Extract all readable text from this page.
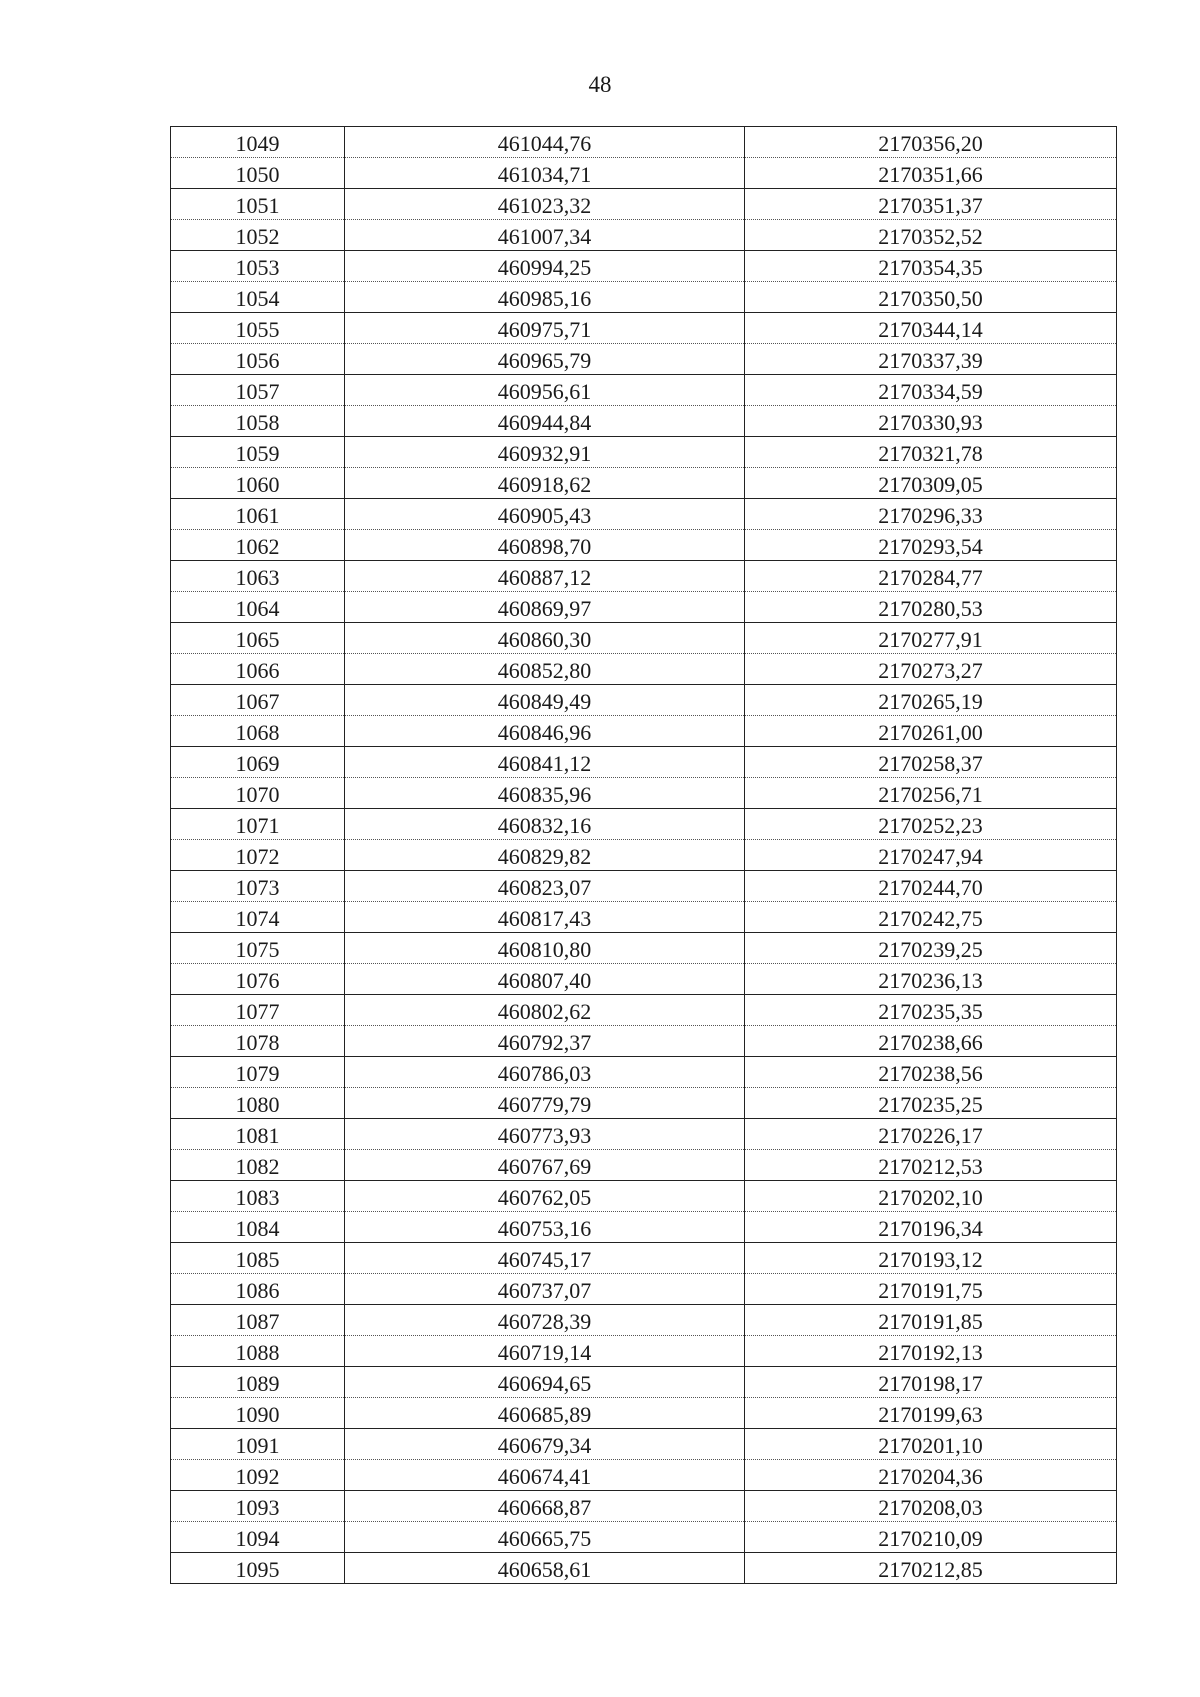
48
1049	461044,76	2170356,20
1050	461034,71	2170351,66
1051	461023,32	2170351,37
1052	461007,34	2170352,52
1053	460994,25	2170354,35
1054	460985,16	2170350,50
1055	460975,71	2170344,14
1056	460965,79	2170337,39
1057	460956,61	2170334,59
1058	460944,84	2170330,93
1059	460932,91	2170321,78
1060	460918,62	2170309,05
1061	460905,43	2170296,33
1062	460898,70	2170293,54
1063	460887,12	2170284,77
1064	460869,97	2170280,53
1065	460860,30	2170277,91
1066	460852,80	2170273,27
1067	460849,49	2170265,19
1068	460846,96	2170261,00
1069	460841,12	2170258,37
1070	460835,96	2170256,71
1071	460832,16	2170252,23
1072	460829,82	2170247,94
1073	460823,07	2170244,70
1074	460817,43	2170242,75
1075	460810,80	2170239,25
1076	460807,40	2170236,13
1077	460802,62	2170235,35
1078	460792,37	2170238,66
1079	460786,03	2170238,56
1080	460779,79	2170235,25
1081	460773,93	2170226,17
1082	460767,69	2170212,53
1083	460762,05	2170202,10
1084	460753,16	2170196,34
1085	460745,17	2170193,12
1086	460737,07	2170191,75
1087	460728,39	2170191,85
1088	460719,14	2170192,13
1089	460694,65	2170198,17
1090	460685,89	2170199,63
1091	460679,34	2170201,10
1092	460674,41	2170204,36
1093	460668,87	2170208,03
1094	460665,75	2170210,09
1095	460658,61	2170212,85
